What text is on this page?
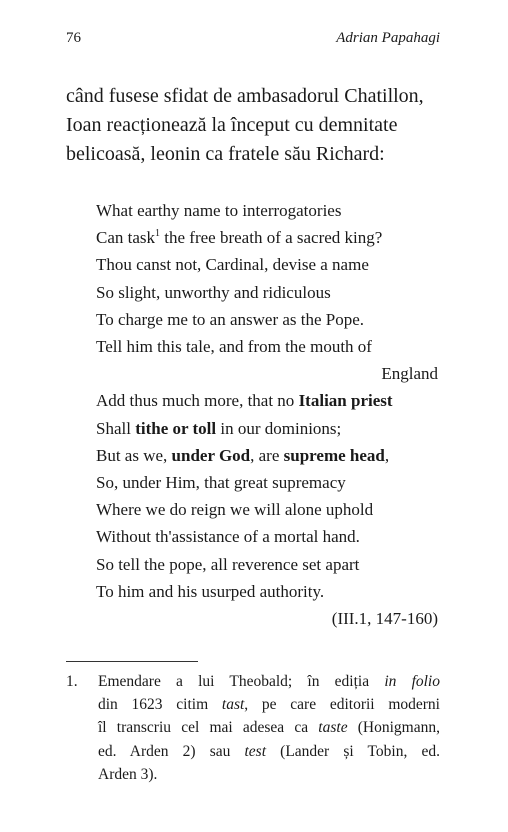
76	Adrian Papahagi
când fusese sfidat de ambasadorul Chatillon,
Ioan reacționează la început cu demnitate
belicoasă, leonin ca fratele său Richard:
What earthy name to interrogatories
Can task$^1$ the free breath of a sacred king?
Thou canst not, Cardinal, devise a name
So slight, unworthy and ridiculous
To charge me to an answer as the Pope.
Tell him this tale, and from the mouth of
England
Add thus much more, that no Italian priest
Shall tithe or toll in our dominions;
But as we, under God, are supreme head,
So, under Him, that great supremacy
Where we do reign we will alone uphold
Without th'assistance of a mortal hand.
So tell the pope, all reverence set apart
To him and his usurped authority.
(III.1, 147-160)
1. Emendare a lui Theobald; în ediția in folio
din 1623 citim tast, pe care editorii moderni
îl transcriu cel mai adesea ca taste (Honigmann,
ed. Arden 2) sau test (Lander și Tobin, ed.
Arden 3).
